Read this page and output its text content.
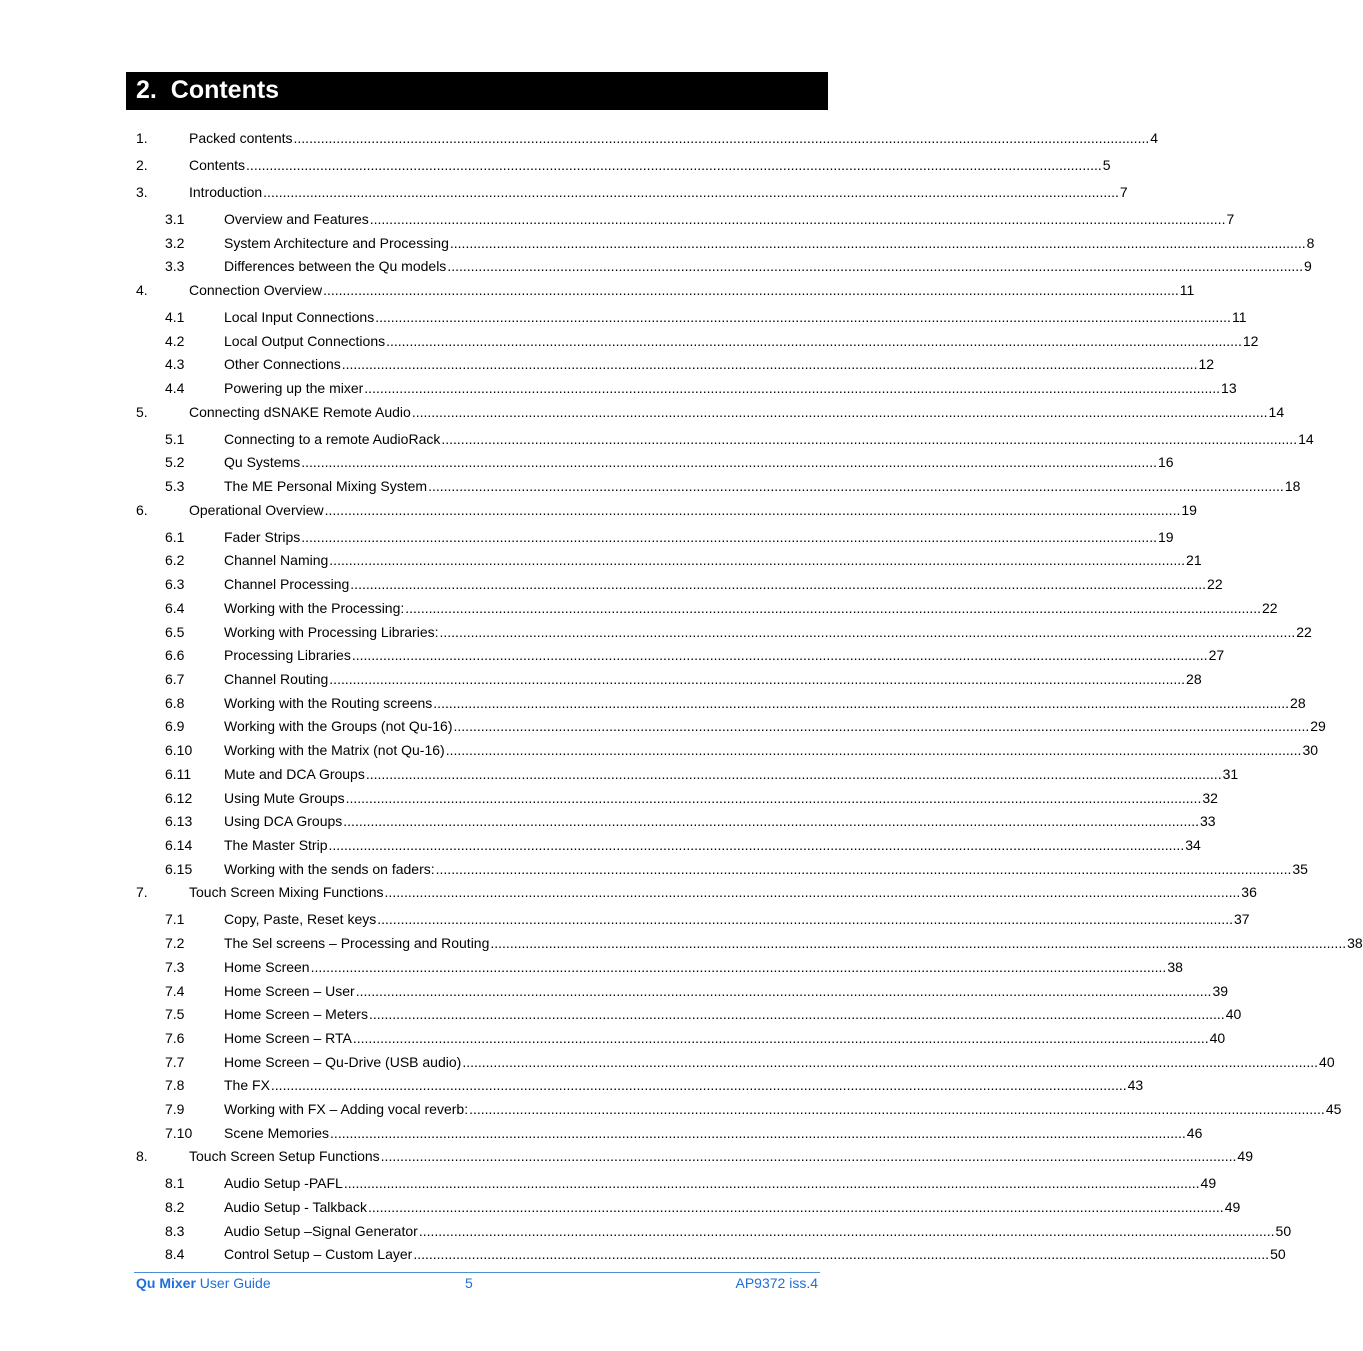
2. Contents
1.	Packed contents ............................................................................................................................................................................................................................ 4
2.	Contents ............................................................................................................................................................................................................................ 5
3.	Introduction ............................................................................................................................................................................................................................ 7
3.1	Overview and Features ............................................................................................................................................................................................................................ 7
3.2	System Architecture and Processing ............................................................................................................................................................................................................................ 8
3.3	Differences between the Qu models ............................................................................................................................................................................................................................ 9
4.	Connection Overview ............................................................................................................................................................................................................................ 11
4.1	Local Input Connections ............................................................................................................................................................................................................................ 11
4.2	Local Output Connections ............................................................................................................................................................................................................................ 12
4.3	Other Connections ............................................................................................................................................................................................................................ 12
4.4	Powering up the mixer ............................................................................................................................................................................................................................ 13
5.	Connecting dSNAKE Remote Audio ............................................................................................................................................................................................................................ 14
5.1	Connecting to a remote AudioRack ............................................................................................................................................................................................................................ 14
5.2	Qu Systems ............................................................................................................................................................................................................................ 16
5.3	The ME Personal Mixing System ............................................................................................................................................................................................................................ 18
6.	Operational Overview ............................................................................................................................................................................................................................ 19
6.1	Fader Strips ............................................................................................................................................................................................................................ 19
6.2	Channel Naming ............................................................................................................................................................................................................................ 21
6.3	Channel Processing ............................................................................................................................................................................................................................ 22
6.4	Working with the Processing: ............................................................................................................................................................................................................................ 22
6.5	Working with Processing Libraries: ............................................................................................................................................................................................................................ 22
6.6	Processing Libraries ............................................................................................................................................................................................................................ 27
6.7	Channel Routing ............................................................................................................................................................................................................................ 28
6.8	Working with the Routing screens ............................................................................................................................................................................................................................ 28
6.9	Working with the Groups (not Qu-16) ............................................................................................................................................................................................................................ 29
6.10 Working with the Matrix (not Qu-16) ............................................................................................................................................................................................................................ 30
6.11 Mute and DCA Groups ............................................................................................................................................................................................................................ 31
6.12 Using Mute Groups ............................................................................................................................................................................................................................ 32
6.13 Using DCA Groups ............................................................................................................................................................................................................................ 33
6.14 The Master Strip ............................................................................................................................................................................................................................ 34
6.15 Working with the sends on faders: ............................................................................................................................................................................................................................ 35
7.	Touch Screen Mixing Functions ............................................................................................................................................................................................................................ 36
7.1	Copy, Paste, Reset keys ............................................................................................................................................................................................................................ 37
7.2	The Sel screens – Processing and Routing ............................................................................................................................................................................................................................ 38
7.3	Home Screen ............................................................................................................................................................................................................................ 38
7.4	Home Screen – User ............................................................................................................................................................................................................................ 39
7.5	Home Screen – Meters ............................................................................................................................................................................................................................ 40
7.6	Home Screen – RTA ............................................................................................................................................................................................................................ 40
7.7	Home Screen – Qu-Drive (USB audio) ............................................................................................................................................................................................................................ 40
7.8	The FX ............................................................................................................................................................................................................................ 43
7.9	Working with FX – Adding vocal reverb: ............................................................................................................................................................................................................................ 45
7.10 Scene Memories ............................................................................................................................................................................................................................ 46
8.	Touch Screen Setup Functions ............................................................................................................................................................................................................................ 49
8.1	Audio Setup -PAFL ............................................................................................................................................................................................................................ 49
8.2	Audio Setup - Talkback ............................................................................................................................................................................................................................ 49
8.3	Audio Setup –Signal Generator ............................................................................................................................................................................................................................ 50
8.4	Control Setup – Custom Layer ............................................................................................................................................................................................................................ 50
Qu Mixer User Guide	5	AP9372 iss.4
